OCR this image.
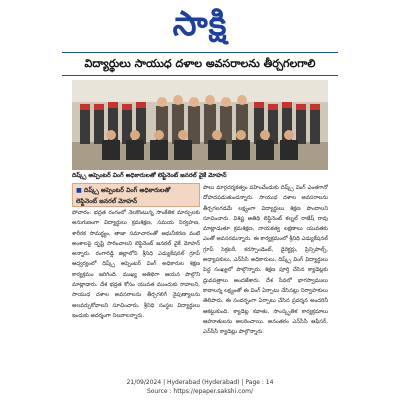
సాక్షి
విద్యార్థులు సాయుధ దళాల అవసరాలను తీర్చగలగాలి
దిష్క్స్ అప్పెంటర్ వింగ్ అధికారులతో లెఫ్టినెంట్ జనరల్ వైకే మోహన్
■ దిష్క్స్ అప్పెంటర్ వింగ్ అధికారులతో
లెఫ్టినెంట్ జనరల్ మోహన్

పోచారం: భద్రత రంగంలో నెలకొంటున్న సాంకేతిక మార్పులకు అనుగుణంగా విద్యార్థులు క్రమశిక్షణ, సమయ నిర్వహణ, శారీరక సామర్థ్యం, తాజా సమాచారంతో ఆధునీకరణ వంటి అంశాలపై దృష్టి సారించాలని లెఫ్టినెంట్ జనరల్ వైకే మోహన్ అన్నారు. రంగారెడ్డి జిల్లాలోని శ్రీనిధి ఎడ్యుకేషనల్ గ్రూప్ ఆధ్వర్యంలో దిష్క్స్ అప్పెంటర్ వింగ్ అధికారుల శిక్షణ కార్యక్రమం జరిగింది. ముఖ్య అతిథిగా ఆయన పాల్గొని మాట్లాడారు. దేశ భద్రత కోసం యువత ముందుకు రావాలని, సాయుధ దళాల అవసరాలను తీర్చగలిగే నైపుణ్యాలను అలవర్చుకోవాలని సూచించారు. శ్రీనిధి సంస్థల విద్యార్థులు ఇందుకు ఆదర్శంగా నిలవాలన్నారు.

పాలు మార్గదర్శకత్వం వహించేందుకు దిష్క్స్ వింగ్ ఎంతగానో దోహదపడుతుందన్నారు. సాయుధ దళాల అవసరాలను తీర్చగలగడమే లక్ష్యంగా విద్యార్థులు శిక్షణ పొందాలని సూచించారు. విశిష్ట అతిథి లెఫ్టినెంట్ కల్నల్ రాజేష్ రావు మాట్లాడుతూ క్రమశిక్షణ, నాయకత్వ లక్షణాలు యువతకు ఎంతో అవసరమన్నారు. ఈ కార్యక్రమంలో శ్రీనిధి ఎడ్యుకేషనల్ గ్రూప్ సెక్రటరీ, కరస్పాండెంట్, డైరెక్టర్లు, ప్రిన్సిపాల్స్, అధ్యాపకులు, ఎన్‌సీసీ అధికారులు, దిష్క్స్ వింగ్ విద్యార్థులు పెద్ద సంఖ్యలో పాల్గొన్నారు. శిక్షణ పూర్తి చేసిన క్యాడెట్లకు ధ్రువపత్రాలు అందజేశారు. దేశ సేవలో భాగస్వాములు కావాలన్న లక్ష్యంతో ఈ వింగ్ ఏర్పాటు చేసినట్లు నిర్వాహకులు తెలిపారు. ఈ సందర్భంగా ఏర్పాటు చేసిన ప్రదర్శన అందరినీ ఆకట్టుకుంది. క్యాడెట్ల కవాతు, సాంస్కృతిక కార్యక్రమాలు ఆహూతులను అలరించాయి. అనంతరం ఎన్‌సీసీ ఆఫీసర్, ఎన్‌సీసీ క్యాడెట్లు పాల్గొన్నారు.

21/09/2024 | Hyderabad (Hyderabad) | Page : 14
Source : https://epaper.sakshi.com/
